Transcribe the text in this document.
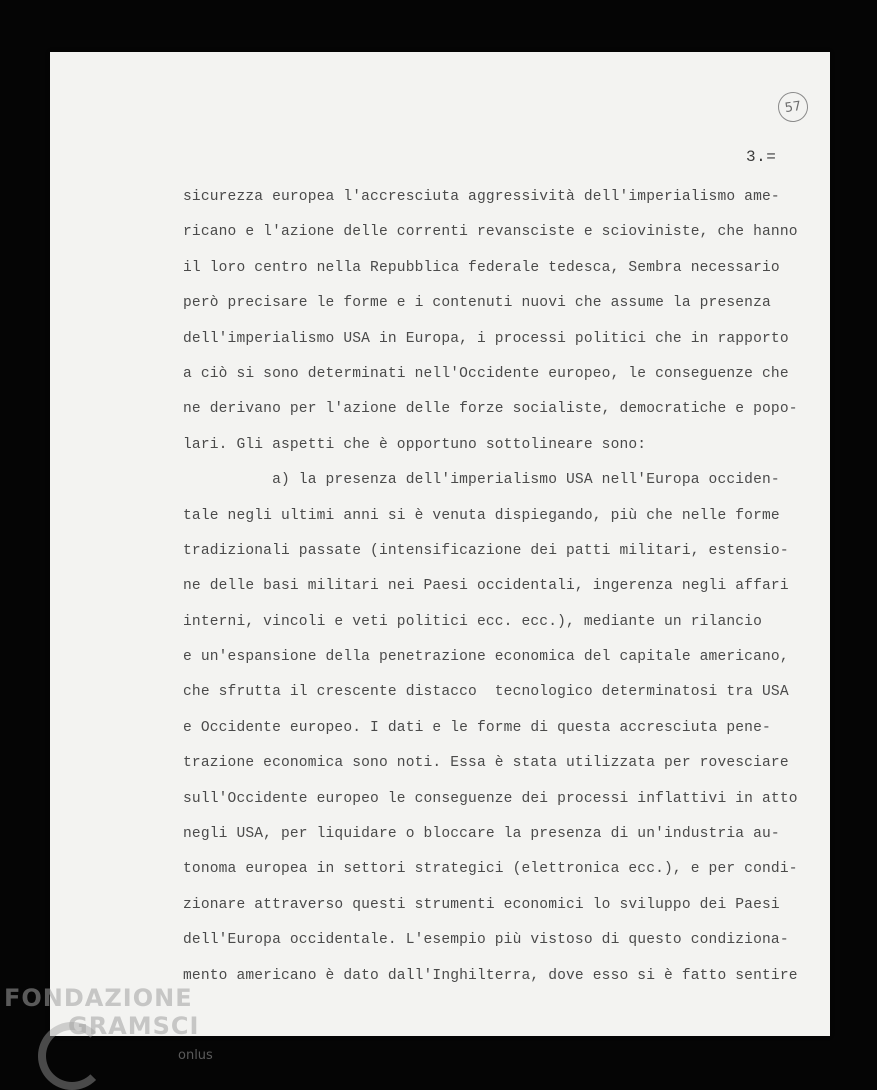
57
3.=
sicurezza europea l'accresciuta aggressività dell'imperialismo ame-
ricano e l'azione delle correnti revansciste e scioviniste, che hanno
il loro centro nella Repubblica federale tedesca, Sembra necessario
però precisare le forme e i contenuti nuovi che assume la presenza
dell'imperialismo USA in Europa, i processi politici che in rapporto
a ciò si sono determinati nell'Occidente europeo, le conseguenze che
ne derivano per l'azione delle forze socialiste, democratiche e popo-
lari. Gli aspetti che è opportuno sottolineare sono:
a) la presenza dell'imperialismo USA nell'Europa occiden-
tale negli ultimi anni si è venuta dispiegando, più che nelle forme
tradizionali passate (intensificazione dei patti militari, estensio-
ne delle basi militari nei Paesi occidentali, ingerenza negli affari
interni, vincoli e veti politici ecc. ecc.), mediante un rilancio
e un'espansione della penetrazione economica del capitale americano,
che sfrutta il crescente distacco  tecnologico determinatosi tra USA
e Occidente europeo. I dati e le forme di questa accresciuta pene-
trazione economica sono noti. Essa è stata utilizzata per rovesciare
sull'Occidente europeo le conseguenze dei processi inflattivi in atto
negli USA, per liquidare o bloccare la presenza di un'industria au-
tonoma europea in settori strategici (elettronica ecc.), e per condi-
zionare attraverso questi strumenti economici lo sviluppo dei Paesi
dell'Europa occidentale. L'esempio più vistoso di questo condiziona-
mento americano è dato dall'Inghilterra, dove esso si è fatto sentire
FONDAZIONE
GRAMSCI
onlus
